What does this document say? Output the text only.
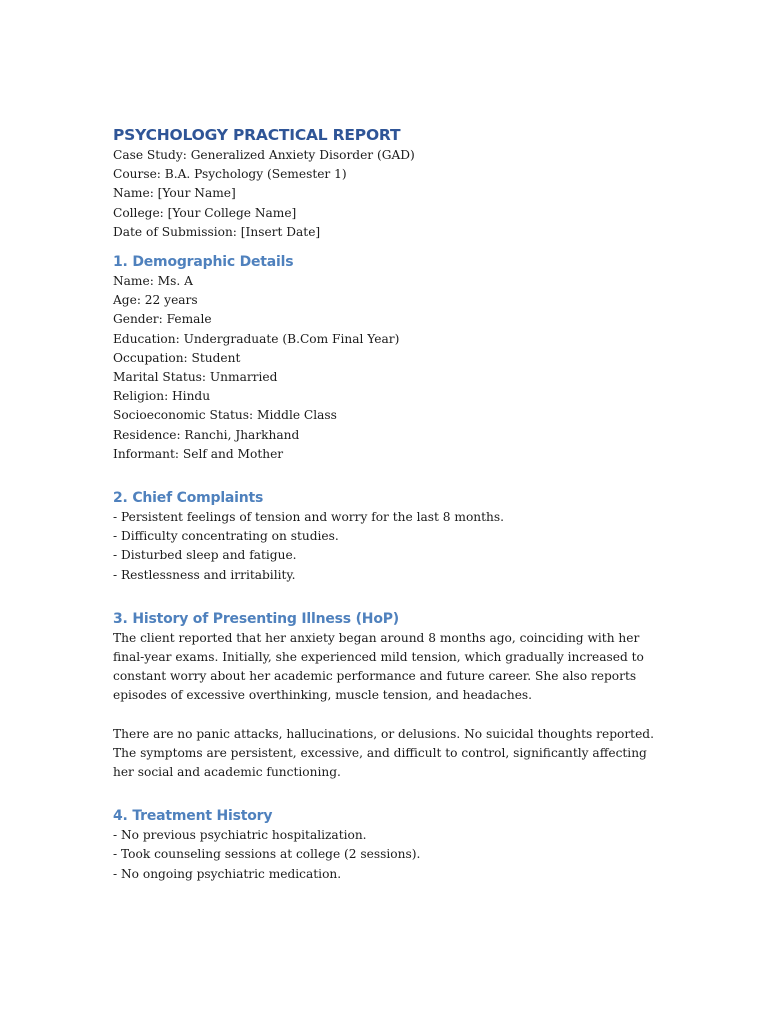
PSYCHOLOGY PRACTICAL REPORT
Case Study: Generalized Anxiety Disorder (GAD)
Course: B.A. Psychology (Semester 1)
Name: [Your Name]
College: [Your College Name]
Date of Submission: [Insert Date]
1. Demographic Details
Name: Ms. A
Age: 22 years
Gender: Female
Education: Undergraduate (B.Com Final Year)
Occupation: Student
Marital Status: Unmarried
Religion: Hindu
Socioeconomic Status: Middle Class
Residence: Ranchi, Jharkhand
Informant: Self and Mother
2. Chief Complaints
- Persistent feelings of tension and worry for the last 8 months.
- Difficulty concentrating on studies.
- Disturbed sleep and fatigue.
- Restlessness and irritability.
3. History of Presenting Illness (HoP)
The client reported that her anxiety began around 8 months ago, coinciding with her final-year exams. Initially, she experienced mild tension, which gradually increased to constant worry about her academic performance and future career. She also reports episodes of excessive overthinking, muscle tension, and headaches.
There are no panic attacks, hallucinations, or delusions. No suicidal thoughts reported. The symptoms are persistent, excessive, and difficult to control, significantly affecting her social and academic functioning.
4. Treatment History
- No previous psychiatric hospitalization.
- Took counseling sessions at college (2 sessions).
- No ongoing psychiatric medication.
